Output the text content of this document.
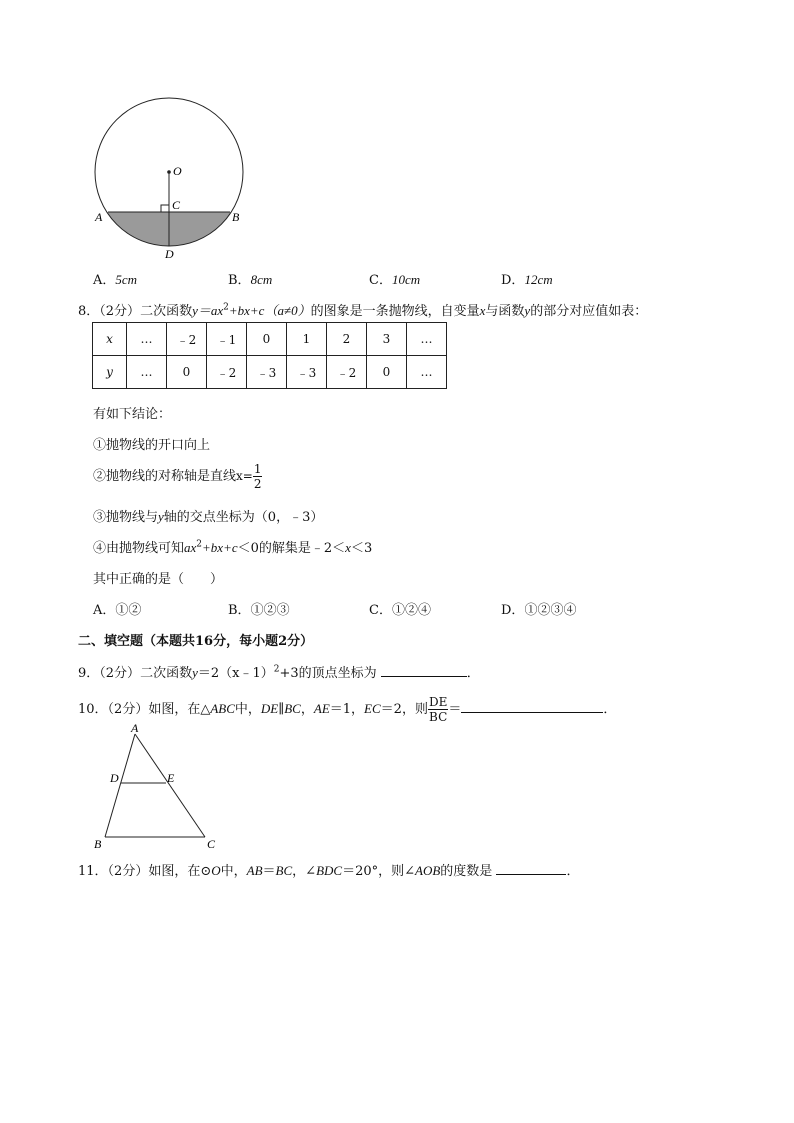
O
C
A	B
D
A．5cm	B．8cm	C．10cm	D．12cm
8．（2分）二次函数$y=ax^2+bx+c(a\ne 0)$的图象是一条抛物线，自变量x与函数y的部分对应值如表：
x	…	﹣2	﹣1	0	1	2	3	…
y	…	0	﹣2	﹣3	﹣3	﹣2	0	…
有如下结论：
①抛物线的开口向上
②抛物线的对称轴是直线$x= \frac{1}{2}$
③抛物线与y轴的交点坐标为（0，﹣3）
④由抛物线可知$ax^2+bx+c<0$的解集是﹣2＜x＜3
其中正确的是（　　）
A．①②	B．①②③	C．①②④	D．①②③④
二、填空题（本题共16分，每小题2分）
9．（2分）二次函数y＝2（x﹣1）$^2$+3的顶点坐标为	．
10．（2分）如图，在△ABC中，DE∥BC，AE＝1，EC＝2，则 $\frac{DE}{BC}$ ＝	．
A
D	E
B	C
11．（2分）如图，在⊙O中，AB＝BC，∠BDC＝20°，则∠AOB的度数是	．
